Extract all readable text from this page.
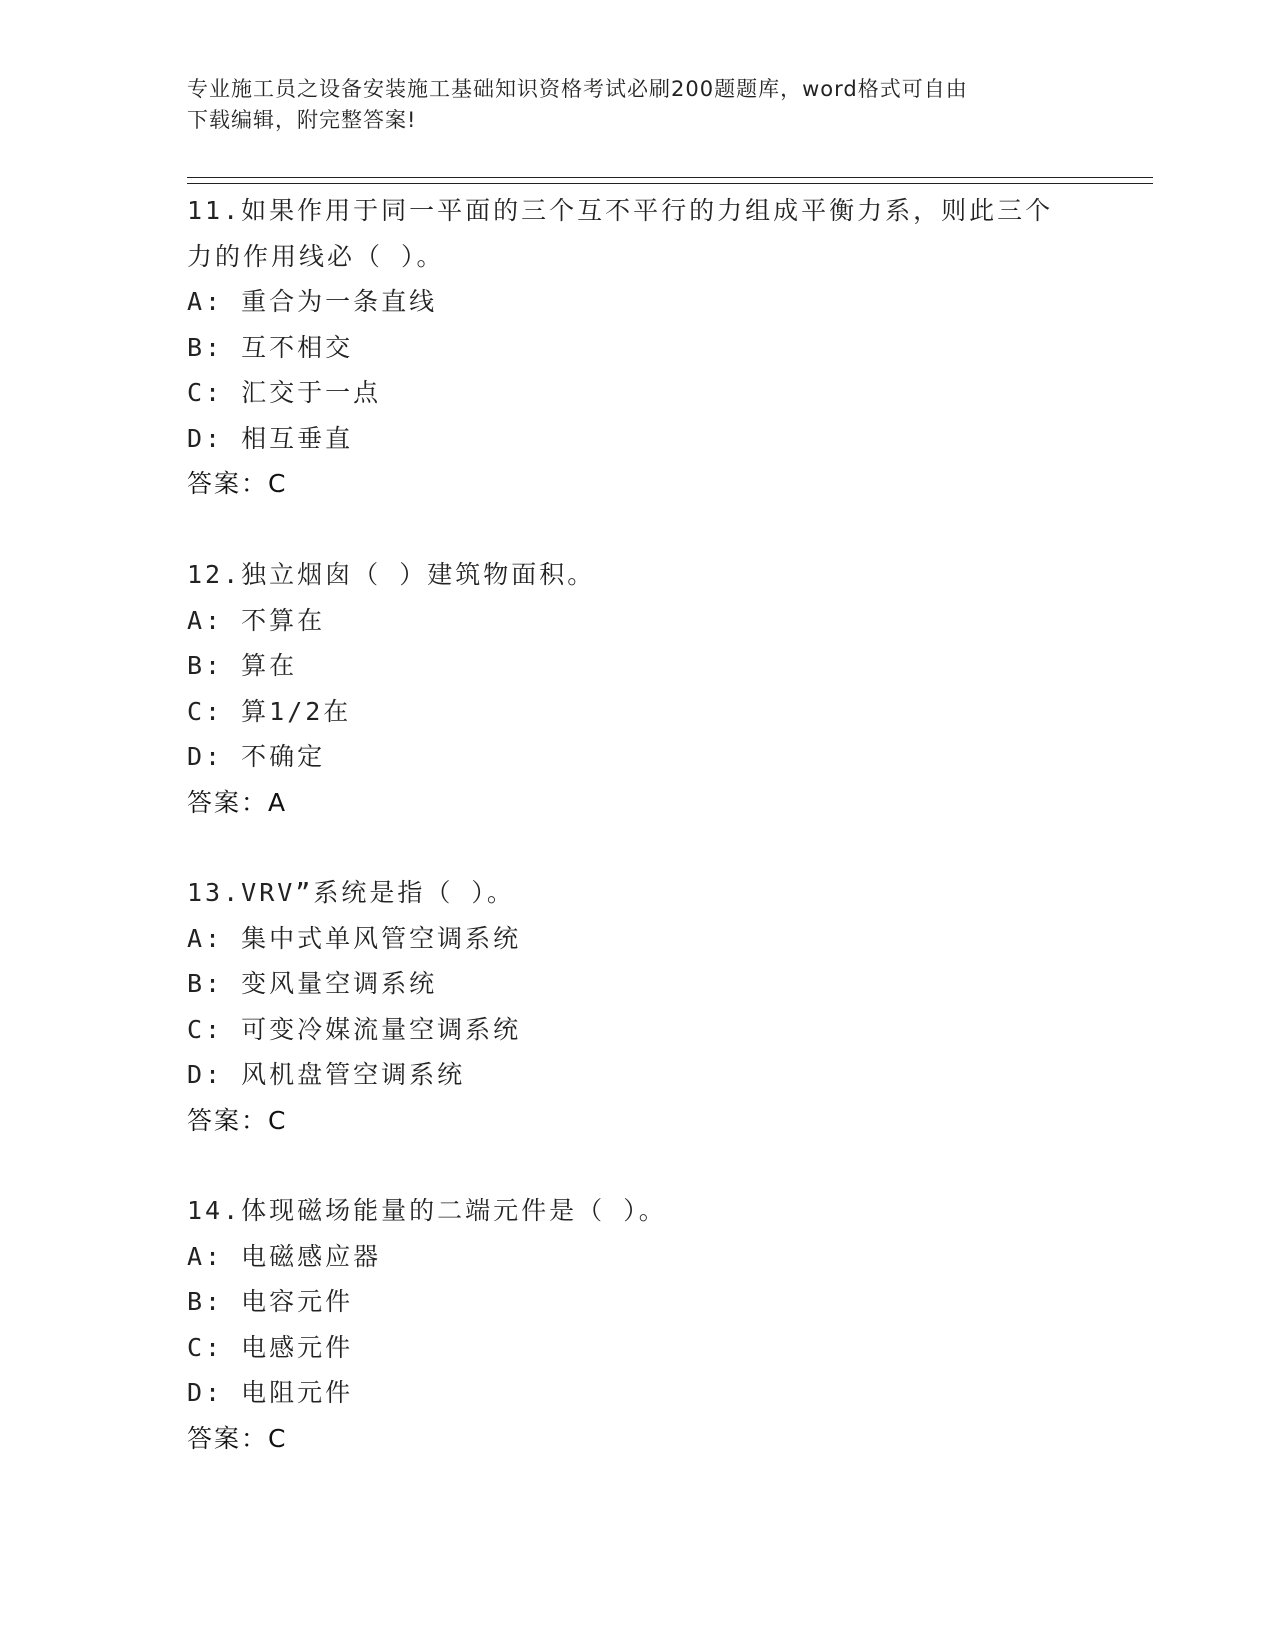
专业施工员之设备安装施工基础知识资格考试必刷200题题库，word格式可自由
下载编辑，附完整答案!
11.如果作用于同一平面的三个互不平行的力组成平衡力系，则此三个
力的作用线必（ ）。
A: 重合为一条直线
B: 互不相交
C: 汇交于一点
D: 相互垂直
答案：C
12.独立烟囱（ ）建筑物面积。
A: 不算在
B: 算在
C: 算1/2在
D: 不确定
答案：A
13.VRV”系统是指（ ）。
A: 集中式单风管空调系统
B: 变风量空调系统
C: 可变冷媒流量空调系统
D: 风机盘管空调系统
答案：C
14.体现磁场能量的二端元件是（ ）。
A: 电磁感应器
B: 电容元件
C: 电感元件
D: 电阻元件
答案：C
